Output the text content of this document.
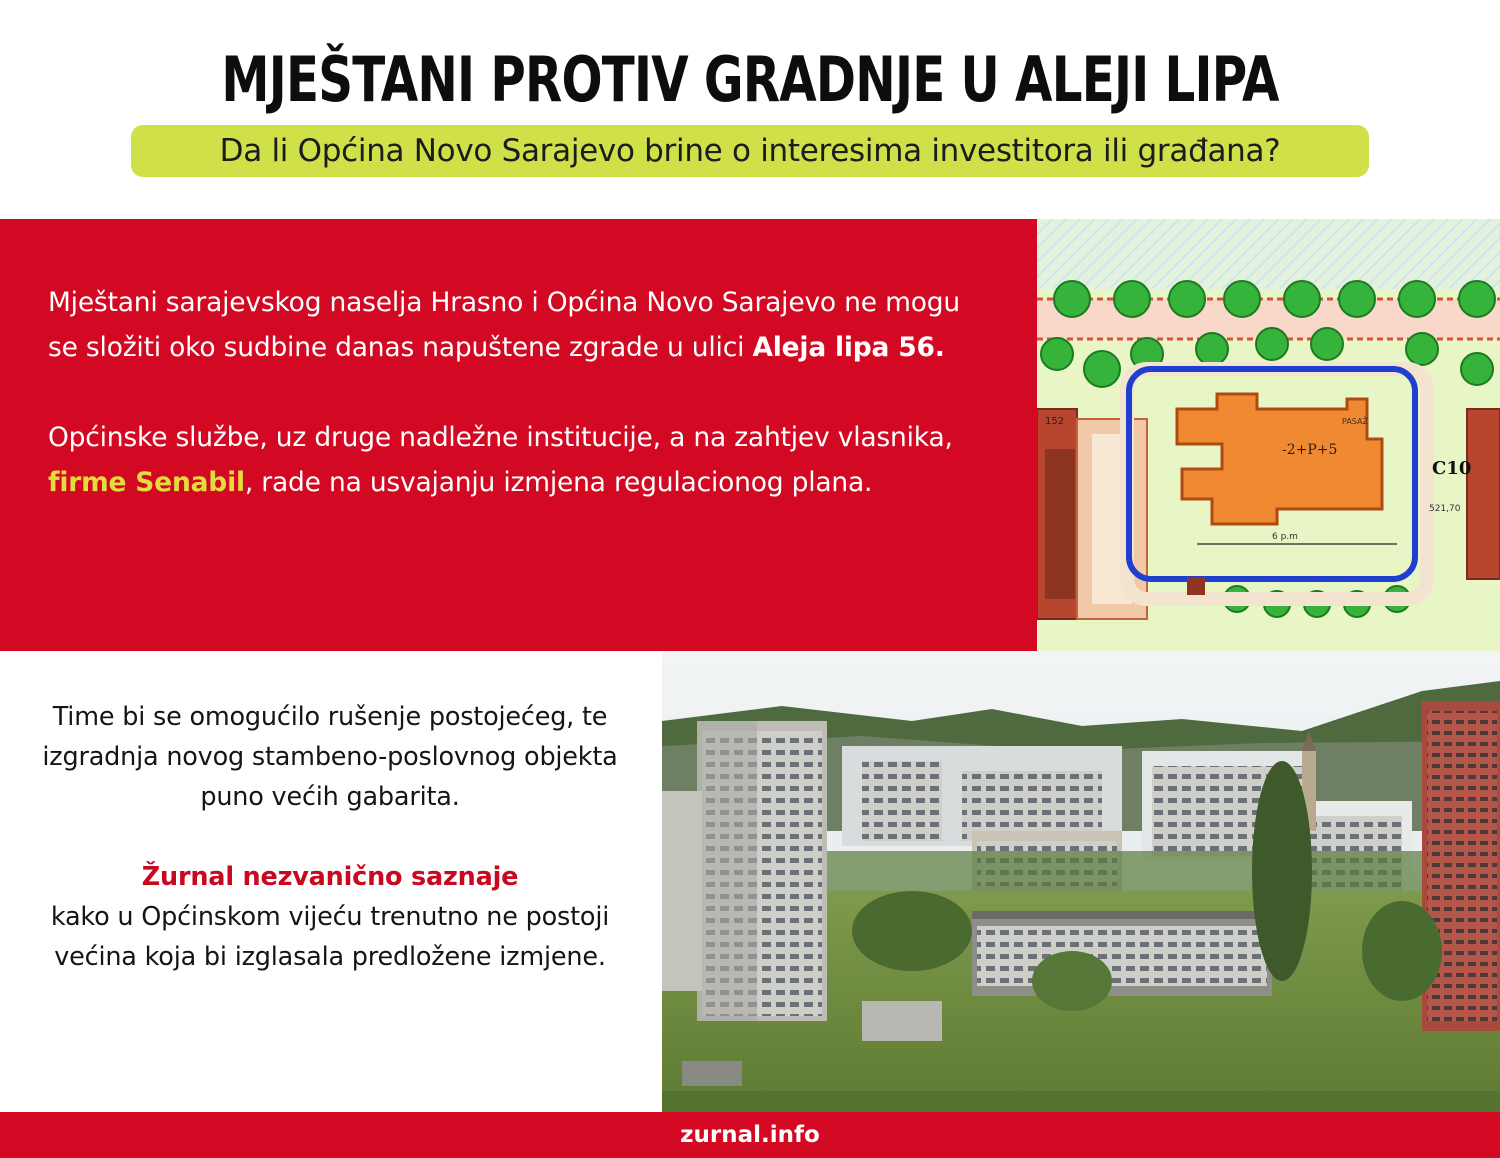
MJEŠTANI PROTIV GRADNJE U ALEJI LIPA
Da li Općina Novo Sarajevo brine o interesima investitora ili građana?

Mještani sarajevskog naselja Hrasno i Općina Novo Sarajevo ne mogu se složiti oko sudbine danas napuštene zgrade u ulici Aleja lipa 56.

Općinske službe, uz druge nadležne institucije, a na zahtjev vlasnika, firme Senabil, rade na usvajanju izmjena regulacionog plana.

-2+P+5
C10
152
521,70
PASAŽ
6 p.m

Time bi se omogućilo rušenje postojećeg, te izgradnja novog stambeno-poslovnog objekta puno većih gabarita.

Žurnal nezvanično saznaje
kako u Općinskom vijeću trenutno ne postoji većina koja bi izglasala predložene izmjene.
zurnal.info
